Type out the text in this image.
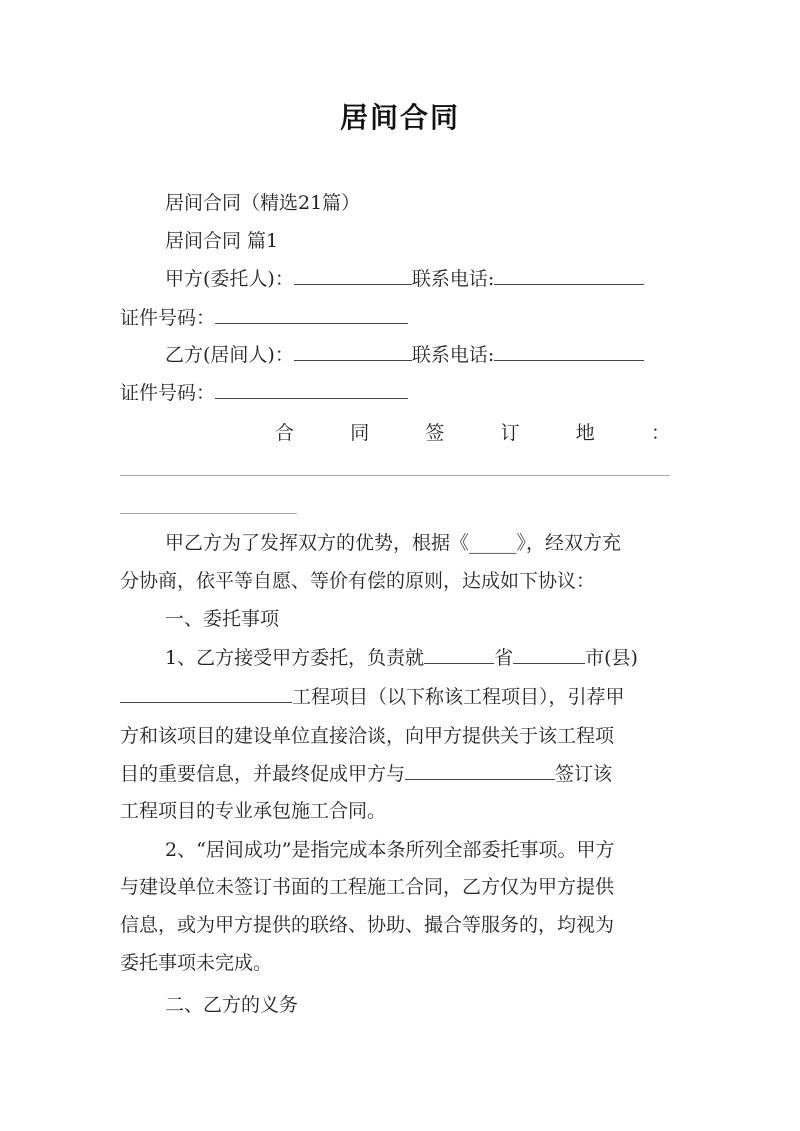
居间合同
居间合同（精选21篇）
居间合同 篇1
甲方(委托人)：	联系电话:
证件号码：
乙方(居间人)：	联系电话:
证件号码：
合	同	签	订	地	：
甲乙方为了发挥双方的优势，根据《_____》，经双方充
分协商，依平等自愿、等价有偿的原则，达成如下协议：
一、委托事项
1、乙方接受甲方委托，负责就	省	市(县)
工程项目（以下称该工程项目），引荐甲
方和该项目的建设单位直接洽谈，向甲方提供关于该工程项
目的重要信息，并最终促成甲方与	签订该
工程项目的专业承包施工合同。
2、“居间成功”是指完成本条所列全部委托事项。甲方
与建设单位未签订书面的工程施工合同，乙方仅为甲方提供
信息，或为甲方提供的联络、协助、撮合等服务的，均视为
委托事项未完成。
二、乙方的义务
